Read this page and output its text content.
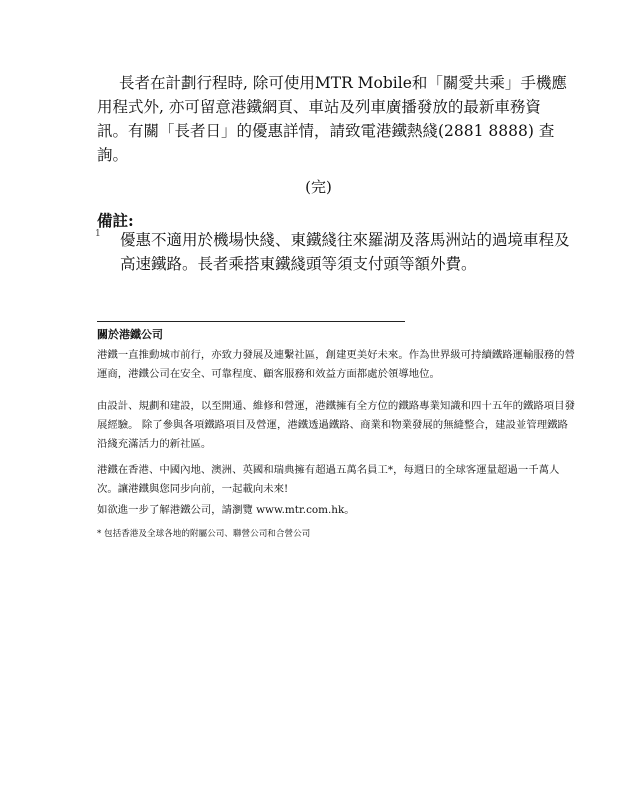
長者在計劃行程時, 除可使用MTR Mobile和「關愛共乘」手機應用程式外, 亦可留意港鐵網頁、車站及列車廣播發放的最新車務資訊。有關「長者日」的優惠詳情，請致電港鐵熱綫(2881 8888) 查詢。

(完)

備註:

1 優惠不適用於機場快綫、東鐵綫往來羅湖及落馬洲站的過境車程及高速鐵路。長者乘搭東鐵綫頭等須支付頭等額外費。

關於港鐵公司

港鐵一直推動城市前行，亦致力發展及連繫社區，創建更美好未來。作為世界級可持續鐵路運輸服務的營運商，港鐵公司在安全、可靠程度、顧客服務和效益方面都處於領導地位。

由設計、規劃和建設，以至開通、維修和營運，港鐵擁有全方位的鐵路專業知識和四十五年的鐵路項目發展經驗。 除了參與各項鐵路項目及營運，港鐵透過鐵路、商業和物業發展的無縫整合，建設並管理鐵路沿綫充滿活力的新社區。

港鐵在香港、中國內地、澳洲、英國和瑞典擁有超過五萬名員工*，每週日的全球客運量超過一千萬人次。讓港鐵與您同步向前，一起載向未來!

如欲進一步了解港鐵公司，請瀏覽 www.mtr.com.hk。

* 包括香港及全球各地的附屬公司、聯營公司和合營公司
